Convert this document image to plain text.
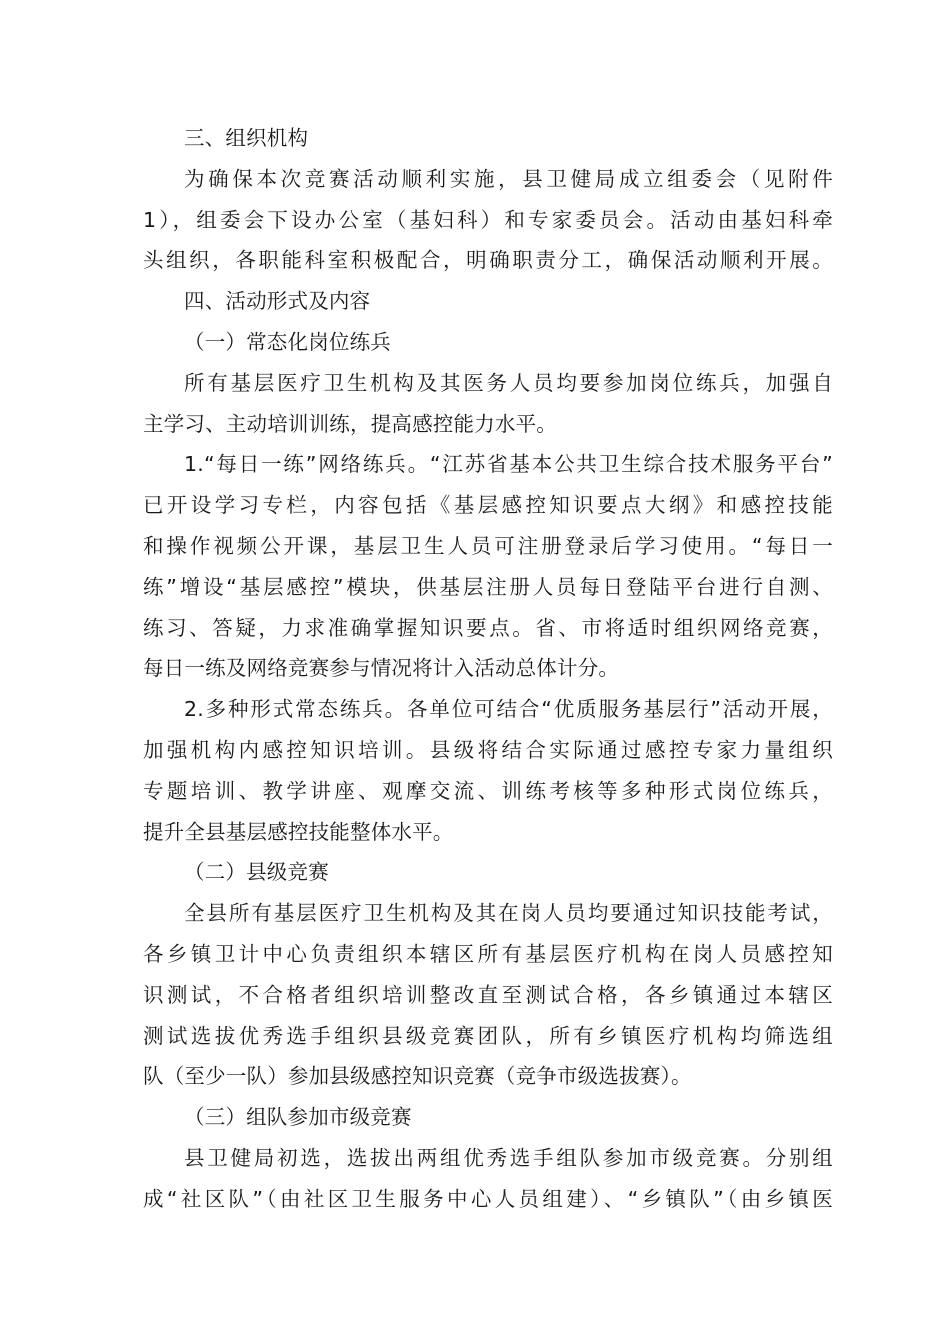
三、组织机构
为确保本次竞赛活动顺利实施，县卫健局成立组委会（见附件
1），组委会下设办公室（基妇科）和专家委员会。活动由基妇科牵
头组织，各职能科室积极配合，明确职责分工，确保活动顺利开展。
四、活动形式及内容
（一）常态化岗位练兵
所有基层医疗卫生机构及其医务人员均要参加岗位练兵，加强自
主学习、主动培训训练，提高感控能力水平。
1.“每日一练”网络练兵。“江苏省基本公共卫生综合技术服务平台”
已开设学习专栏，内容包括《基层感控知识要点大纲》和感控技能
和操作视频公开课，基层卫生人员可注册登录后学习使用。“每日一
练”增设“基层感控”模块，供基层注册人员每日登陆平台进行自测、
练习、答疑，力求准确掌握知识要点。省、市将适时组织网络竞赛，
每日一练及网络竞赛参与情况将计入活动总体计分。
2.多种形式常态练兵。各单位可结合“优质服务基层行”活动开展，
加强机构内感控知识培训。县级将结合实际通过感控专家力量组织
专题培训、教学讲座、观摩交流、训练考核等多种形式岗位练兵，
提升全县基层感控技能整体水平。
（二）县级竞赛
全县所有基层医疗卫生机构及其在岗人员均要通过知识技能考试，
各乡镇卫计中心负责组织本辖区所有基层医疗机构在岗人员感控知
识测试，不合格者组织培训整改直至测试合格，各乡镇通过本辖区
测试选拔优秀选手组织县级竞赛团队，所有乡镇医疗机构均筛选组
队（至少一队）参加县级感控知识竞赛（竞争市级选拔赛）。
（三）组队参加市级竞赛
县卫健局初选，选拔出两组优秀选手组队参加市级竞赛。分别组
成“社区队”（由社区卫生服务中心人员组建）、“乡镇队”（由乡镇医
